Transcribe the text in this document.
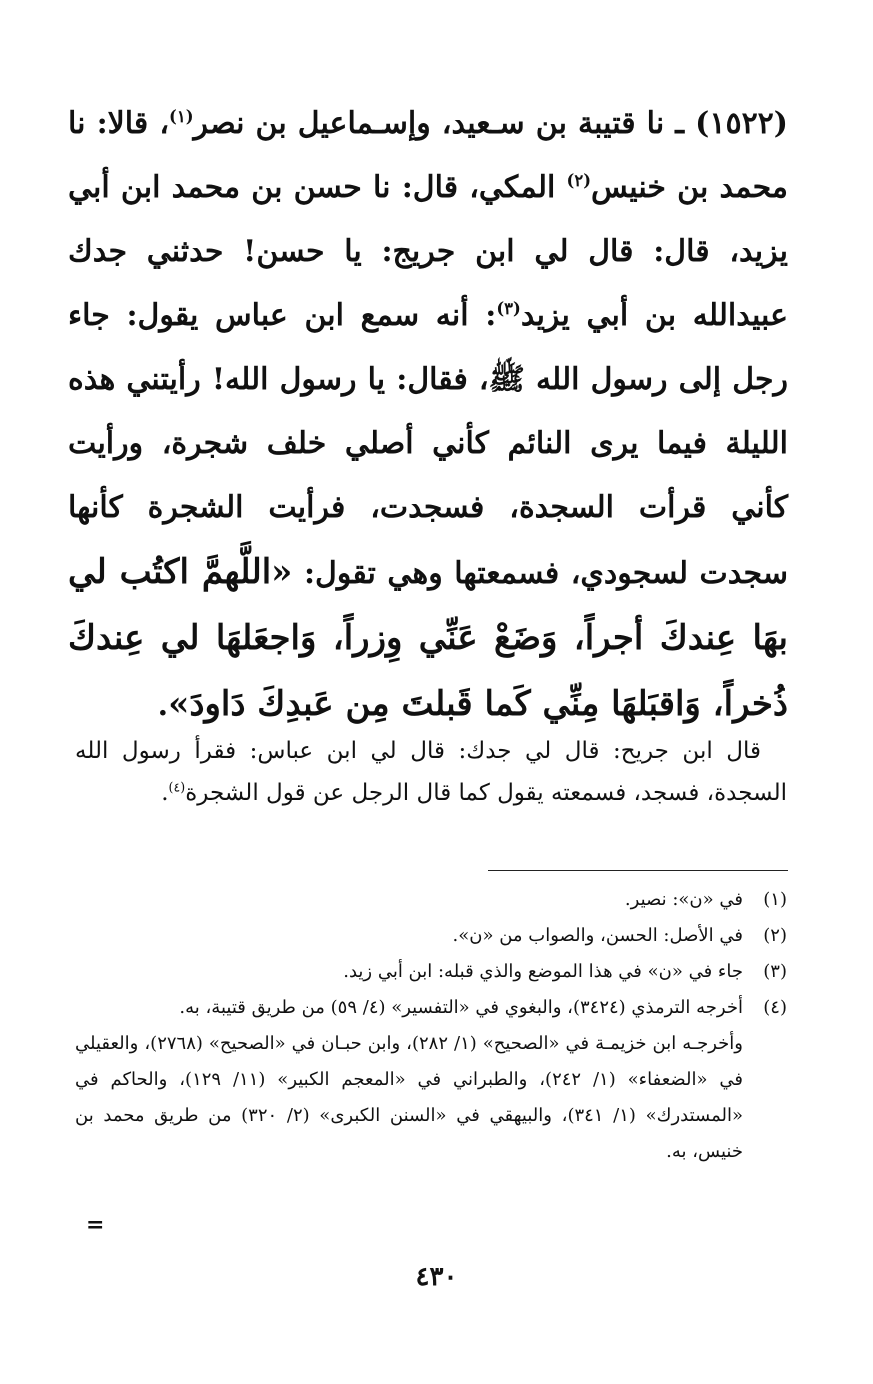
(١٥٢٢) ـ نا قتيبة بن سـعيد، وإسـماعيل بن نصر$^{(١)}$، قالا: نا محمد بن خنيس$^{(٢)}$ المكي، قال: نا حسن بن محمد ابن أبي يزيد، قال: قال لي ابن جريج: يا حسن! حدثني جدك عبيدالله بن أبي يزيد$^{(٣)}$: أنه سمع ابن عباس يقول: جاء رجل إلى رسول الله ﷺ، فقال: يا رسول الله! رأيتني هذه الليلة فيما يرى النائم كأني أصلي خلف شجرة، ورأيت كأني قرأت السجدة، فسجدت، فرأيت الشجرة كأنها سجدت لسجودي، فسمعتها وهي تقول: «اللَّهمَّ اكتُب لي بهَا عِندكَ أجراً، وَضَعْ عَنِّي وِزراً، وَاجعَلهَا لي عِندكَ ذُخراً، وَاقبَلهَا مِنِّي كَما قَبلتَ مِن عَبدِكَ دَاودَ».
قال ابن جريح: قال لي جدك: قال لي ابن عباس: فقرأ رسول الله السجدة، فسجد، فسمعته يقول كما قال الرجل عن قول الشجرة$^{(٤)}$.
(١)
في «ن»: نصير.
(٢)
في الأصل: الحسن، والصواب من «ن».
(٣)
جاء في «ن» في هذا الموضع والذي قبله: ابن أبي زيد.
(٤)
أخرجه الترمذي (٣٤٢٤)، والبغوي في «التفسير» (٤/ ٥٩) من طريق قتيبة، به.
وأخرجـه ابن خزيمـة في «الصحيح» (١/ ٢٨٢)، وابن حبـان في «الصحيح» (٢٧٦٨)، والعقيلي في «الضعفاء» (١/ ٢٤٢)، والطبراني في «المعجم الكبير» (١١/ ١٢٩)، والحاكم في «المستدرك» (١/ ٣٤١)، والبيهقي في «السنن الكبرى» (٢/ ٣٢٠) من طريق محمد بن خنيس، به.
=
٤٣٠
